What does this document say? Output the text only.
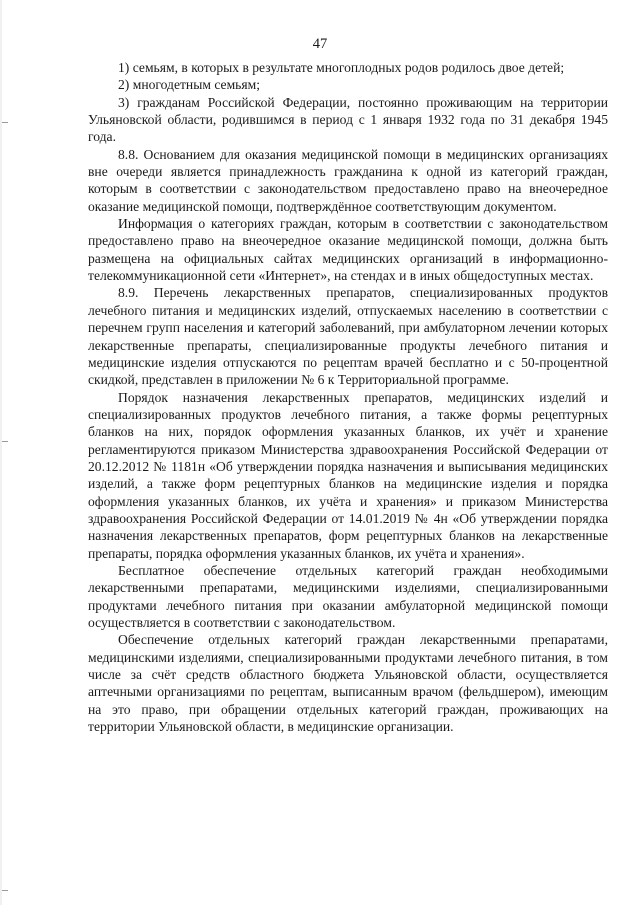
47

1) семьям, в которых в результате многоплодных родов родилось двое детей;

2) многодетным семьям;

3) гражданам Российской Федерации, постоянно проживающим на территории Ульяновской области, родившимся в период с 1 января 1932 года по 31 декабря 1945 года.

8.8. Основанием для оказания медицинской помощи в медицинских организациях вне очереди является принадлежность гражданина к одной из категорий граждан, которым в соответствии с законодательством предоставлено право на внеочередное оказание медицинской помощи, подтверждённое соответствующим документом.

Информация о категориях граждан, которым в соответствии с законодательством предоставлено право на внеочередное оказание медицинской помощи, должна быть размещена на официальных сайтах медицинских организаций в информационно-телекоммуникационной сети «Интернет», на стендах и в иных общедоступных местах.

8.9. Перечень лекарственных препаратов, специализированных продуктов лечебного питания и медицинских изделий, отпускаемых населению в соответствии с перечнем групп населения и категорий заболеваний, при амбулаторном лечении которых лекарственные препараты, специализированные продукты лечебного питания и медицинские изделия отпускаются по рецептам врачей бесплатно и с 50-процентной скидкой, представлен в приложении № 6 к Территориальной программе.

Порядок назначения лекарственных препаратов, медицинских изделий и специализированных продуктов лечебного питания, а также формы рецептурных бланков на них, порядок оформления указанных бланков, их учёт и хранение регламентируются приказом Министерства здравоохранения Российской Федерации от 20.12.2012 № 1181н «Об утверждении порядка назначения и выписывания медицинских изделий, а также форм рецептурных бланков на медицинские изделия и порядка оформления указанных бланков, их учёта и хранения» и приказом Министерства здравоохранения Российской Федерации от 14.01.2019 № 4н «Об утверждении порядка назначения лекарственных препаратов, форм рецептурных бланков на лекарственные препараты, порядка оформления указанных бланков, их учёта и хранения».

Бесплатное обеспечение отдельных категорий граждан необходимыми лекарственными препаратами, медицинскими изделиями, специализированными продуктами лечебного питания при оказании амбулаторной медицинской помощи осуществляется в соответствии с законодательством.

Обеспечение отдельных категорий граждан лекарственными препаратами, медицинскими изделиями, специализированными продуктами лечебного питания, в том числе за счёт средств областного бюджета Ульяновской области, осуществляется аптечными организациями по рецептам, выписанным врачом (фельдшером), имеющим на это право, при обращении отдельных категорий граждан, проживающих на территории Ульяновской области, в медицинские организации.
